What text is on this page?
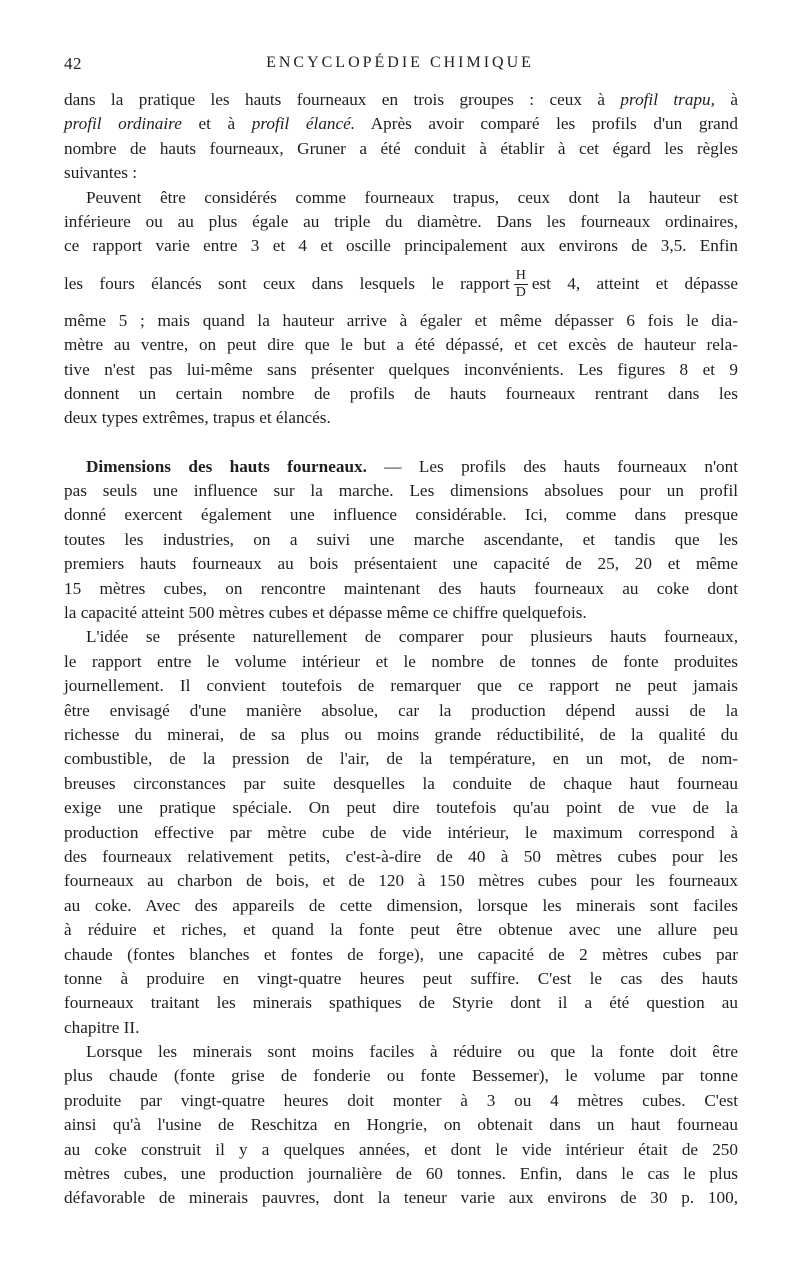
42	ENCYCLOPÉDIE CHIMIQUE
dans la pratique les hauts fourneaux en trois groupes : ceux à profil trapu, à
profil ordinaire et à profil élancé. Après avoir comparé les profils d'un grand
nombre de hauts fourneaux, Gruner a été conduit à établir à cet égard les règles
suivantes :
Peuvent être considérés comme fourneaux trapus, ceux dont la hauteur est
inférieure ou au plus égale au triple du diamètre. Dans les fourneaux ordinaires,
ce rapport varie entre 3 et 4 et oscille principalement aux environs de 3,5. Enfin
les fours élancés sont ceux dans lesquels le rapport $\frac{H}{D}$ est 4, atteint et dépasse
même 5 ; mais quand la hauteur arrive à égaler et même dépasser 6 fois le dia-
mètre au ventre, on peut dire que le but a été dépassé, et cet excès de hauteur rela-
tive n'est pas lui-même sans présenter quelques inconvénients. Les figures 8 et 9
donnent un certain nombre de profils de hauts fourneaux rentrant dans les
deux types extrêmes, trapus et élancés.
Dimensions des hauts fourneaux. — Les profils des hauts fourneaux n'ont
pas seuls une influence sur la marche. Les dimensions absolues pour un profil
donné exercent également une influence considérable. Ici, comme dans presque
toutes les industries, on a suivi une marche ascendante, et tandis que les
premiers hauts fourneaux au bois présentaient une capacité de 25, 20 et même
15 mètres cubes, on rencontre maintenant des hauts fourneaux au coke dont
la capacité atteint 500 mètres cubes et dépasse même ce chiffre quelquefois.
L'idée se présente naturellement de comparer pour plusieurs hauts fourneaux,
le rapport entre le volume intérieur et le nombre de tonnes de fonte produites
journellement. Il convient toutefois de remarquer que ce rapport ne peut jamais
être envisagé d'une manière absolue, car la production dépend aussi de la
richesse du minerai, de sa plus ou moins grande réductibilité, de la qualité du
combustible, de la pression de l'air, de la température, en un mot, de nom-
breuses circonstances par suite desquelles la conduite de chaque haut fourneau
exige une pratique spéciale. On peut dire toutefois qu'au point de vue de la
production effective par mètre cube de vide intérieur, le maximum correspond à
des fourneaux relativement petits, c'est-à-dire de 40 à 50 mètres cubes pour les
fourneaux au charbon de bois, et de 120 à 150 mètres cubes pour les fourneaux
au coke. Avec des appareils de cette dimension, lorsque les minerais sont faciles
à réduire et riches, et quand la fonte peut être obtenue avec une allure peu
chaude (fontes blanches et fontes de forge), une capacité de 2 mètres cubes par
tonne à produire en vingt-quatre heures peut suffire. C'est le cas des hauts
fourneaux traitant les minerais spathiques de Styrie dont il a été question au
chapitre II.
Lorsque les minerais sont moins faciles à réduire ou que la fonte doit être
plus chaude (fonte grise de fonderie ou fonte Bessemer), le volume par tonne
produite par vingt-quatre heures doit monter à 3 ou 4 mètres cubes. C'est
ainsi qu'à l'usine de Reschitza en Hongrie, on obtenait dans un haut fourneau
au coke construit il y a quelques années, et dont le vide intérieur était de 250
mètres cubes, une production journalière de 60 tonnes. Enfin, dans le cas le plus
défavorable de minerais pauvres, dont la teneur varie aux environs de 30 p. 100,
